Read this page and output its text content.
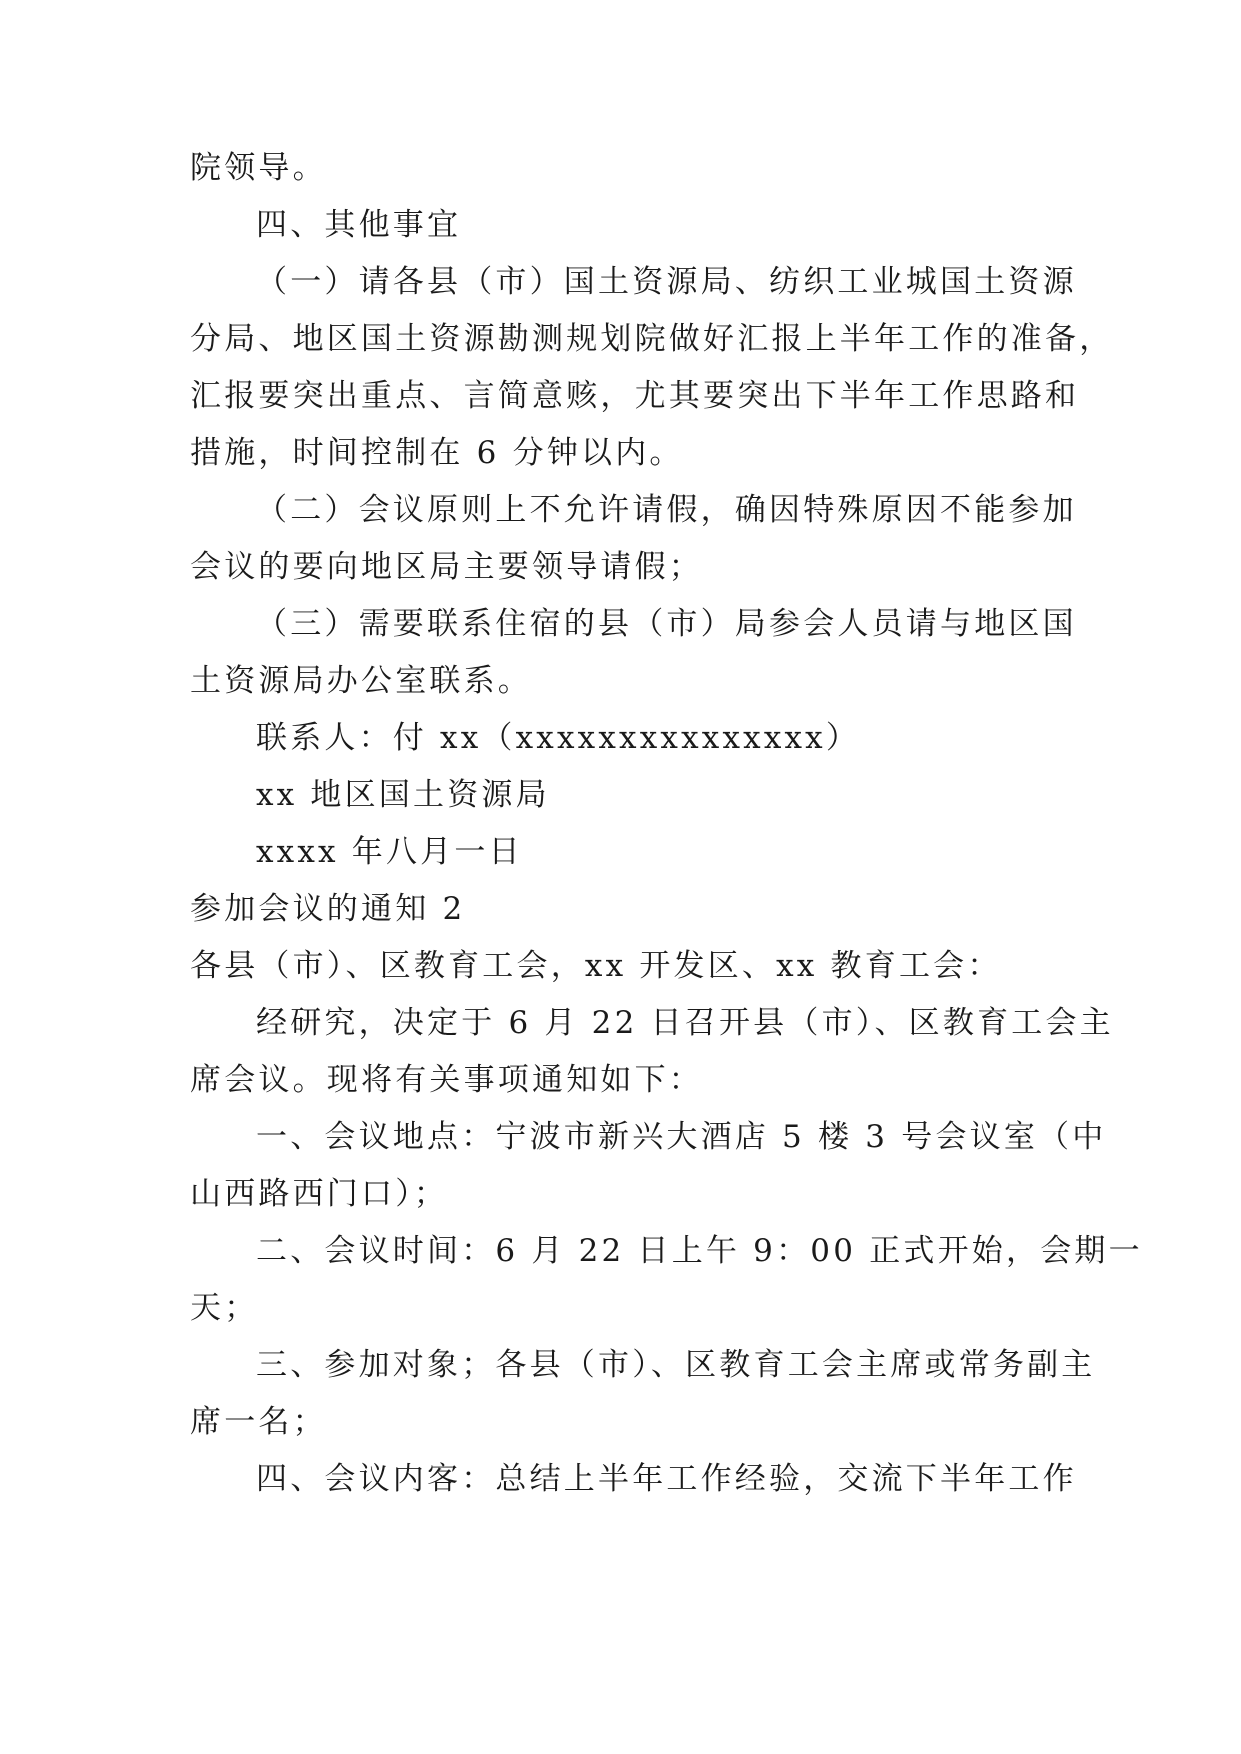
院领导。
四、其他事宜
（一）请各县（市）国土资源局、纺织工业城国土资源
分局、地区国土资源勘测规划院做好汇报上半年工作的准备，
汇报要突出重点、言简意赅，尤其要突出下半年工作思路和
措施，时间控制在 6 分钟以内。
（二）会议原则上不允许请假，确因特殊原因不能参加
会议的要向地区局主要领导请假；
（三）需要联系住宿的县（市）局参会人员请与地区国
土资源局办公室联系。
联系人：付 xx（xxxxxxxxxxxxxxx）
xx 地区国土资源局
xxxx 年八月一日
参加会议的通知 2
各县（市）、区教育工会，xx 开发区、xx 教育工会：
经研究，决定于 6 月 22 日召开县（市）、区教育工会主
席会议。现将有关事项通知如下：
一、会议地点：宁波市新兴大酒店 5 楼 3 号会议室（中
山西路西门口）；
二、会议时间：6 月 22 日上午 9：00 正式开始，会期一
天；
三、参加对象；各县（市）、区教育工会主席或常务副主
席一名；
四、会议内客：总结上半年工作经验，交流下半年工作
